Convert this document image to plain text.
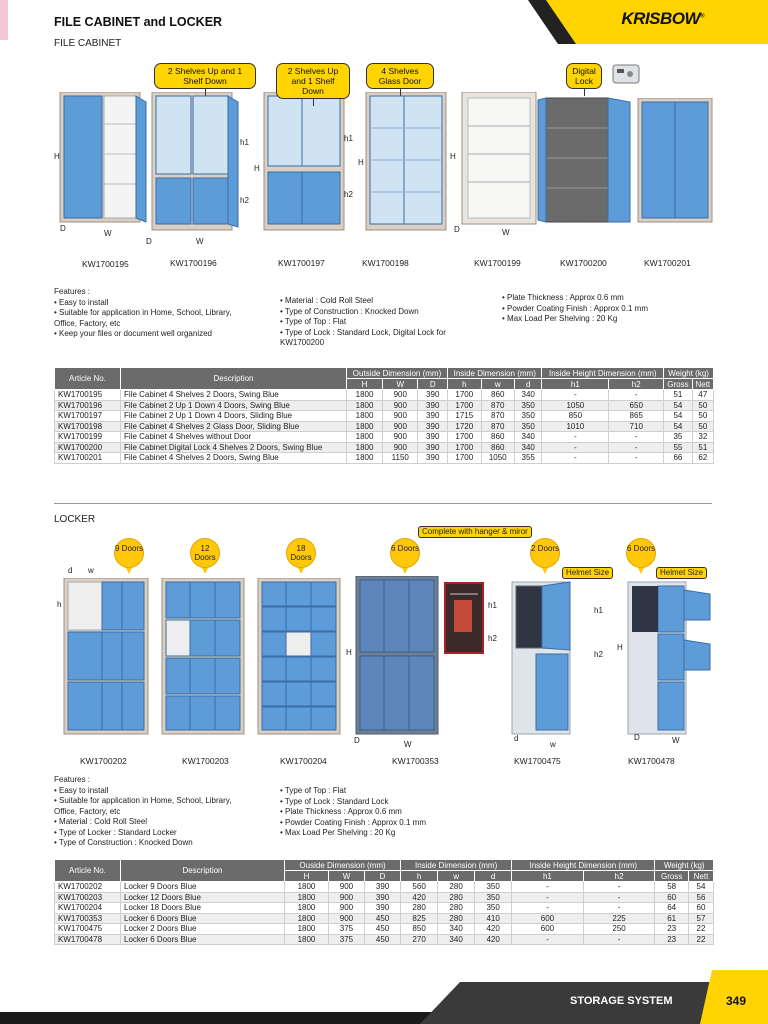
FILE CABINET and LOCKER
FILE CABINET
KRISBOW®
H
D
W
D	W
h1
h2
H
h1
h2
H
H
D	W
2 Shelves Up and 1 Shelf Down
2 Shelves Up and 1 Shelf Down
4 Shelves Glass Door
Digital Lock
KW1700195	KW1700196	KW1700197	KW1700198	KW1700199	KW1700200	KW1700201
Features :
• Easy to install
• Suitable for application in Home, School, Library,
Office, Factory, etc
• Keep your files or document well organized
• Material : Cold Roll Steel
• Type of Construction : Knocked Down
• Type of Top : Flat
• Type of Lock : Standard Lock, Digital Lock for
KW1700200
• Plate Thickness : Approx 0.6 mm
• Powder Coating Finish : Approx 0.1 mm
• Max Load Per Shelving : 20 Kg
Article No.	Description	Outside Dimension (mm)			Inside Dimension (mm)			Inside Height Dimension (mm)		Weight (kg)	
		H	W	D	h	w	d	h1	h2	Gross	Nett
KW1700195	File Cabinet 4 Shelves 2 Doors, Swing Blue	1800	900	390	1700	860	340	-	-	51	47
KW1700196	File Cabinet 2 Up 1 Down 4 Doors, Swing Blue	1800	900	390	1700	870	350	1050	650	54	50
KW1700197	File Cabinet 2 Up 1 Down 4 Doors, Sliding Blue	1800	900	390	1715	870	350	850	865	54	50
KW1700198	File Cabinet 4 Shelves 2 Glass Door, Sliding Blue	1800	900	390	1720	870	350	1010	710	54	50
KW1700199	File Cabinet 4 Shelves without Door	1800	900	390	1700	860	340	-	-	35	32
KW1700200	File Cabinet Digital Lock 4 Shelves 2 Doors, Swing Blue	1800	900	390	1700	860	340	-	-	55	51
KW1700201	File Cabinet 4 Shelves 2 Doors, Swing Blue	1800	1150	390	1700	1050	355	-	-	66	62
LOCKER
9 Doors	12 Doors
18 Doors
6 Doors	2 Doors	6 Doors
Complete with hanger & miror
Helmet Size	Helmet Size
d w
h
H
D	W
h1
h2
h1
h2
d
w
H
D	W
KW1700202	KW1700203	KW1700204	KW1700353	KW1700475	KW1700478
Features :
• Easy to install
• Suitable for application in Home, School, Library,
Office, Factory, etc
• Material : Cold Roll Steel
• Type of Locker : Standard Locker
• Type of Construction : Knocked Down
• Type of Top : Flat
• Type of Lock : Standard Lock
• Plate Thickness : Approx 0.6 mm
• Powder Coating Finish : Approx 0.1 mm
• Max Load Per Shelving : 20 Kg
Article No.	Description	Ouside Dimension (mm)			Inside Dimension (mm)			Inside Height Dimension (mm)		Weight (kg)	
		H	W	D	h	w	d	h1	h2	Gross	Nett
KW1700202	Locker 9 Doors Blue	1800	900	390	560	280	350	-	-	58	54
KW1700203	Locker 12 Doors Blue	1800	900	390	420	280	350	-	-	60	56
KW1700204	Locker 18 Doors Blue	1800	900	390	280	280	350	-	-	64	60
KW1700353	Locker 6 Doors Blue	1800	900	450	825	280	410	600	225	61	57
KW1700475	Locker 2 Doors Blue	1800	375	450	850	340	420	600	250	23	22
KW1700478	Locker 6 Doors Blue	1800	375	450	270	340	420	-	-	23	22
STORAGE SYSTEM	349
